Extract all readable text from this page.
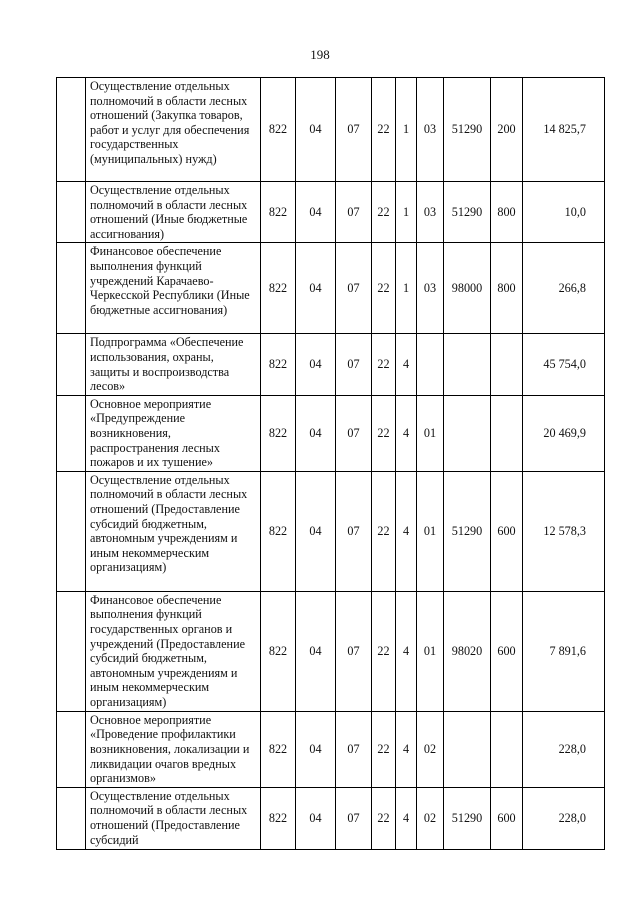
198
	Осуществление отдельных полномочий в области лесных отношений (Закупка товаров, работ и услуг для обеспечения государственных (муниципальных) нужд)	822	04	07	22	1	03	51290	200	14 825,7
	Осуществление отдельных полномочий в области лесных отношений (Иные бюджетные ассигнования)	822	04	07	22	1	03	51290	800	10,0
	Финансовое обеспечение выполнения функций учреждений Карачаево-Черкесской Республики (Иные бюджетные ассигнования)	822	04	07	22	1	03	98000	800	266,8
	Подпрограмма «Обеспечение использования, охраны, защиты и воспроизводства лесов»	822	04	07	22	4				45 754,0
	Основное мероприятие «Предупреждение возникновения, распространения лесных пожаров и их тушение»	822	04	07	22	4	01			20 469,9
	Осуществление отдельных полномочий в области лесных отношений (Предоставление субсидий бюджетным, автономным учреждениям и иным некоммерческим организациям)	822	04	07	22	4	01	51290	600	12 578,3
	Финансовое обеспечение выполнения функций государственных органов и учреждений (Предоставление субсидий бюджетным, автономным учреждениям и иным некоммерческим организациям)	822	04	07	22	4	01	98020	600	7 891,6
	Основное мероприятие «Проведение профилактики возникновения, локализации и ликвидации очагов вредных организмов»	822	04	07	22	4	02			228,0
	Осуществление отдельных полномочий в области лесных отношений (Предоставление субсидий	822	04	07	22	4	02	51290	600	228,0
